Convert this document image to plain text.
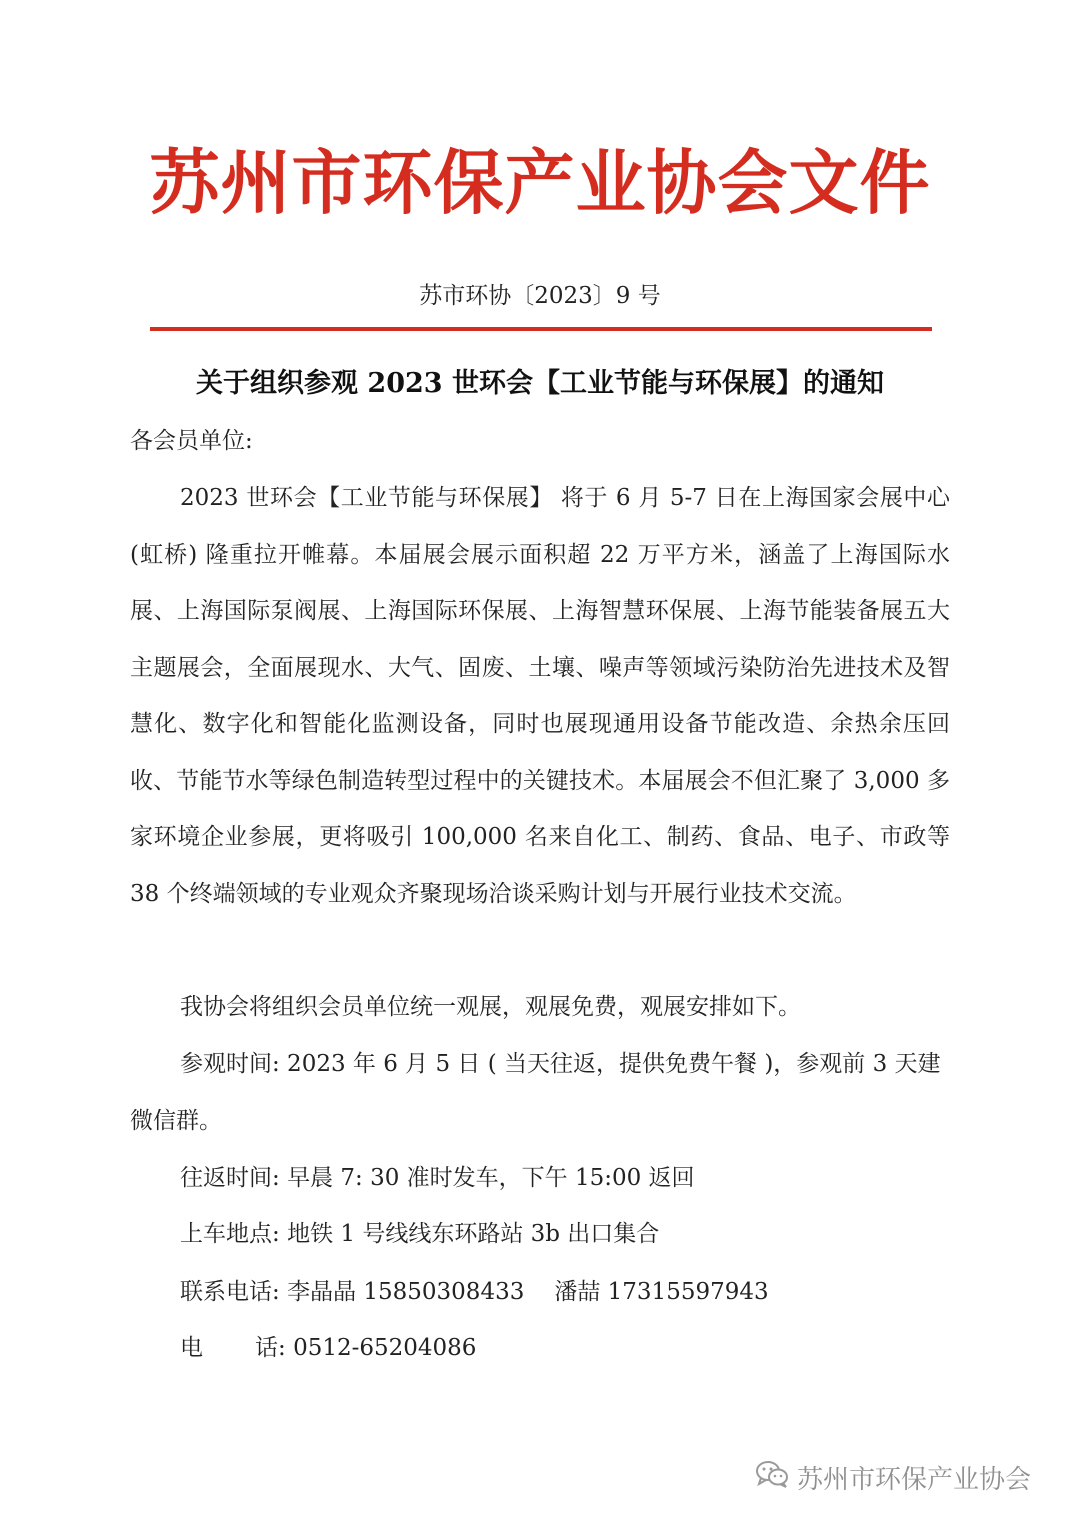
苏州市环保产业协会文件
苏市环协〔2023〕9 号
关于组织参观 2023 世环会【工业节能与环保展】的通知

各会员单位:

2023 世环会【工业节能与环保展】 将于 6 月 5-7 日在上海国家会展中心(虹桥) 隆重拉开帷幕。本届展会展示面积超 22 万平方米，涵盖了上海国际水展、上海国际泵阀展、上海国际环保展、上海智慧环保展、上海节能装备展五大主题展会，全面展现水、大气、固废、土壤、噪声等领域污染防治先进技术及智慧化、数字化和智能化监测设备，同时也展现通用设备节能改造、余热余压回收、节能节水等绿色制造转型过程中的关键技术。本届展会不但汇聚了 3,000 多家环境企业参展，更将吸引 100,000 名来自化工、制药、食品、电子、市政等 38 个终端领域的专业观众齐聚现场洽谈采购计划与开展行业技术交流。

我协会将组织会员单位统一观展，观展免费，观展安排如下。

参观时间: 2023 年 6 月 5 日 ( 当天往返，提供免费午餐 )，参观前 3 天建微信群。

往返时间: 早晨 7: 30 准时发车，下午 15:00 返回
上车地点: 地铁 1 号线线东环路站 3b 出口集合
联系电话: 李晶晶 15850308433 潘喆 17315597943
电 话: 0512-65204086
苏州市环保产业协会
